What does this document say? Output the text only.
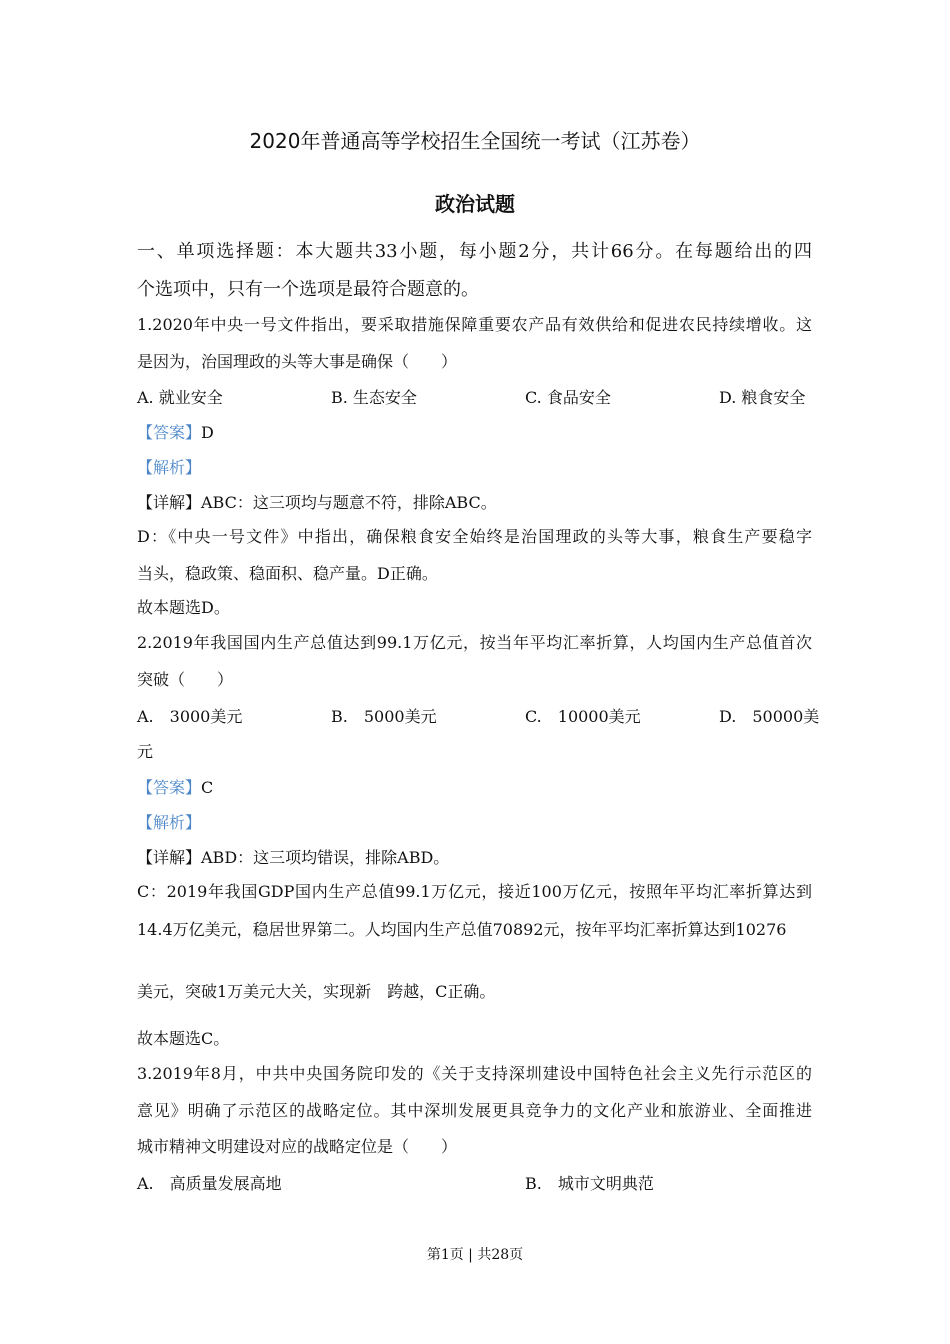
2020年普通高等学校招生全国统一考试（江苏卷）
政治试题
一、单项选择题：本大题共33小题，每小题2分，共计66分。在每题给出的四
个选项中，只有一个选项是最符合题意的。
1.2020年中央一号文件指出，要采取措施保障重要农产品有效供给和促进农民持续增收。这
是因为，治国理政的头等大事是确保（　　）
A. 就业安全	B. 生态安全	C. 食品安全	D. 粮食安全
【答案】D
【解析】
【详解】ABC：这三项均与题意不符，排除ABC。
D：《中央一号文件》中指出，确保粮食安全始终是治国理政的头等大事，粮食生产要稳字
当头，稳政策、稳面积、稳产量。D正确。
故本题选D。
2.2019年我国国内生产总值达到99.1万亿元，按当年平均汇率折算，人均国内生产总值首次
突破（　　）
A.　3000美元	B.　5000美元	C.　10000美元	D.　50000美
元
【答案】C
【解析】
【详解】ABD：这三项均错误，排除ABD。
C：2019年我国GDP国内生产总值99.1万亿元，接近100万亿元，按照年平均汇率折算达到
14.4万亿美元，稳居世界第二。人均国内生产总值70892元，按年平均汇率折算达到10276
美元，突破1万美元大关，实现新　跨越，C正确。
故本题选C。
3.2019年8月，中共中央国务院印发的《关于支持深圳建设中国特色社会主义先行示范区的
意见》明确了示范区的战略定位。其中深圳发展更具竞争力的文化产业和旅游业、全面推进
城市精神文明建设对应的战略定位是（　　）
A.　高质量发展高地	B.　城市文明典范
第1页 | 共28页
